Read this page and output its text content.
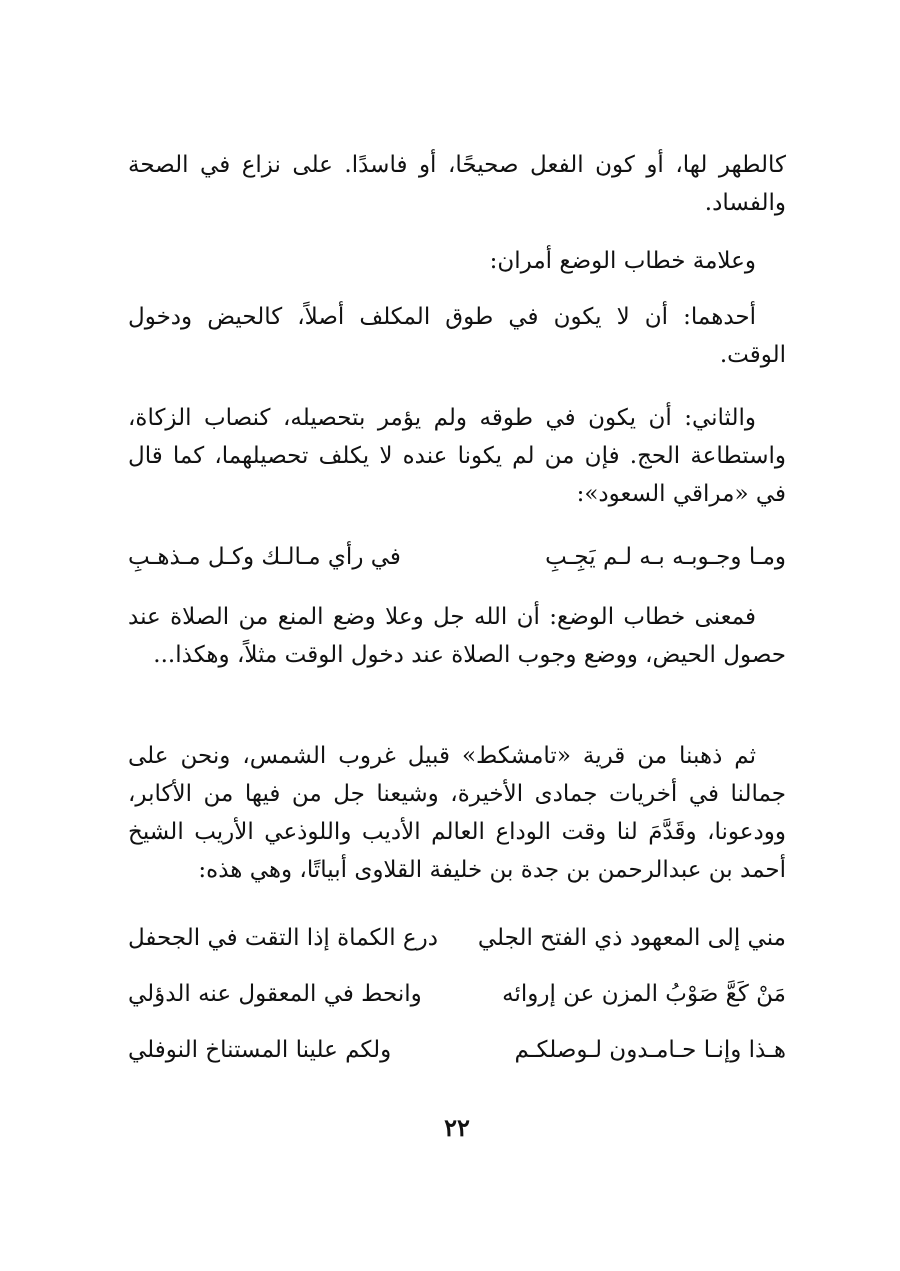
كالطهر لها، أو كون الفعل صحيحًا، أو فاسدًا. على نزاع في الصحة والفساد.

وعلامة خطاب الوضع أمران:

أحدهما: أن لا يكون في طوق المكلف أصلاً، كالحيض ودخول الوقت.

والثاني: أن يكون في طوقه ولم يؤمر بتحصيله، كنصاب الزكاة، واستطاعة الحج. فإن من لم يكونا عنده لا يكلف تحصيلهما، كما قال في «مراقي السعود»:

ومـا وجـوبـه بـه لـم يَجِـبِ
في رأي مـالـك وكـل مـذهـبِ

فمعنى خطاب الوضع: أن الله جل وعلا وضع المنع من الصلاة عند حصول الحيض، ووضع وجوب الصلاة عند دخول الوقت مثلاً، وهكذا...

ثم ذهبنا من قرية «تامشكط» قبيل غروب الشمس، ونحن على جمالنا في أخريات جمادى الأخيرة، وشيعنا جل من فيها من الأكابر، وودعونا، وقَدَّمَ لنا وقت الوداع العالم الأديب واللوذعي الأريب الشيخ أحمد بن عبدالرحمن بن جدة بن خليفة القلاوى أبياتًا، وهي هذه:

مني إلى المعهود ذي الفتح الجلي
درع الكماة إذا التقت في الجحفل
مَنْ كَعَّ صَوْبُ المزن عن إروائه
وانحط في المعقول عنه الدؤلي
هـذا وإنـا حـامـدون لـوصلكـم
ولكم علينا المستناخ النوفلي
٢٢
